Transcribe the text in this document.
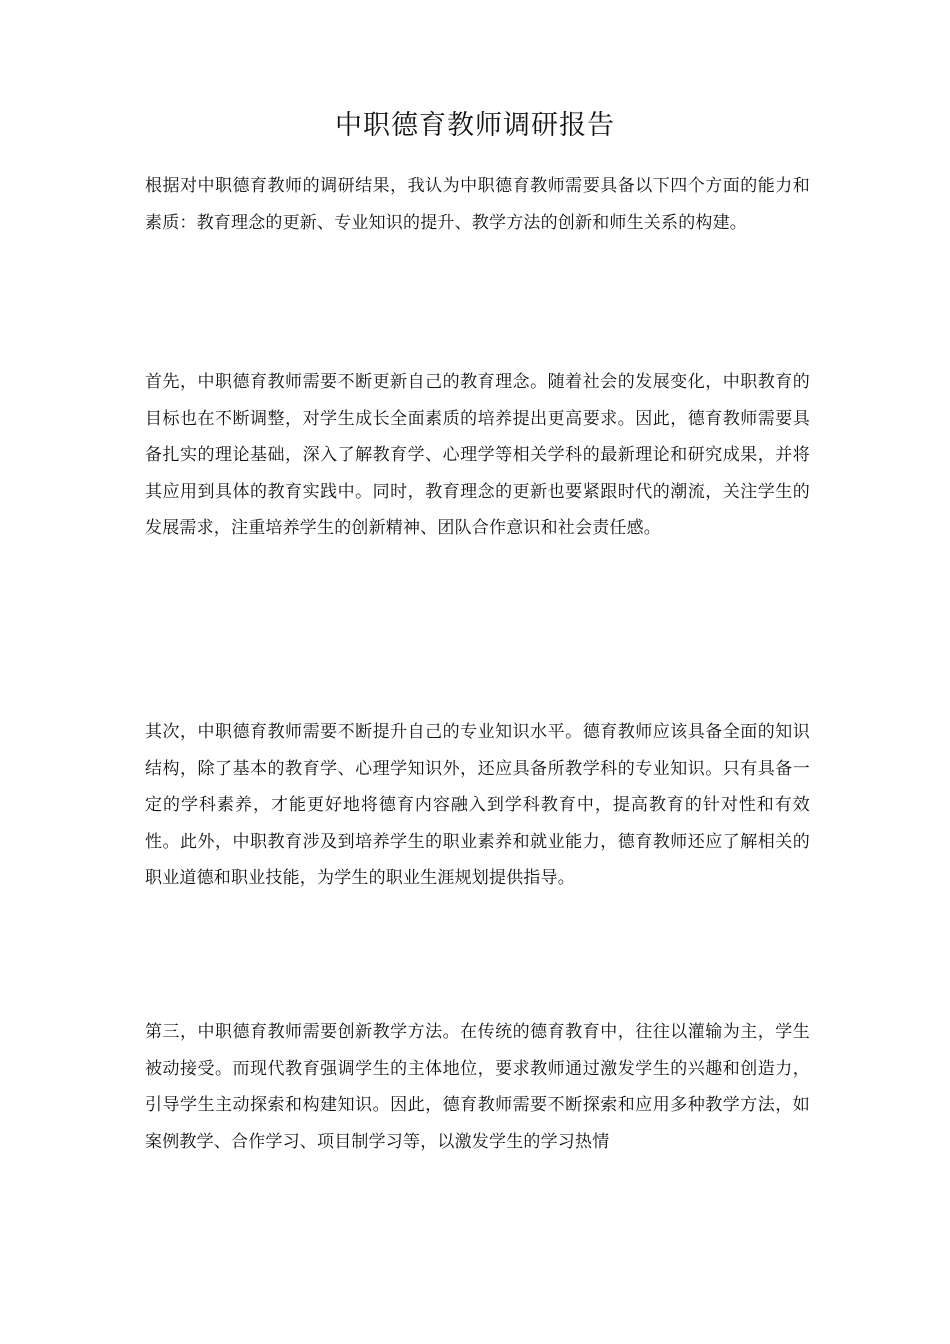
中职德育教师调研报告

根据对中职德育教师的调研结果，我认为中职德育教师需要具备以下四个方面的能力和素质：教育理念的更新、专业知识的提升、教学方法的创新和师生关系的构建。

首先，中职德育教师需要不断更新自己的教育理念。随着社会的发展变化，中职教育的目标也在不断调整，对学生成长全面素质的培养提出更高要求。因此，德育教师需要具备扎实的理论基础，深入了解教育学、心理学等相关学科的最新理论和研究成果，并将其应用到具体的教育实践中。同时，教育理念的更新也要紧跟时代的潮流，关注学生的发展需求，注重培养学生的创新精神、团队合作意识和社会责任感。

其次，中职德育教师需要不断提升自己的专业知识水平。德育教师应该具备全面的知识结构，除了基本的教育学、心理学知识外，还应具备所教学科的专业知识。只有具备一定的学科素养，才能更好地将德育内容融入到学科教育中，提高教育的针对性和有效性。此外，中职教育涉及到培养学生的职业素养和就业能力，德育教师还应了解相关的职业道德和职业技能，为学生的职业生涯规划提供指导。

第三，中职德育教师需要创新教学方法。在传统的德育教育中，往往以灌输为主，学生被动接受。而现代教育强调学生的主体地位，要求教师通过激发学生的兴趣和创造力，引导学生主动探索和构建知识。因此，德育教师需要不断探索和应用多种教学方法，如案例教学、合作学习、项目制学习等，以激发学生的学习热情
